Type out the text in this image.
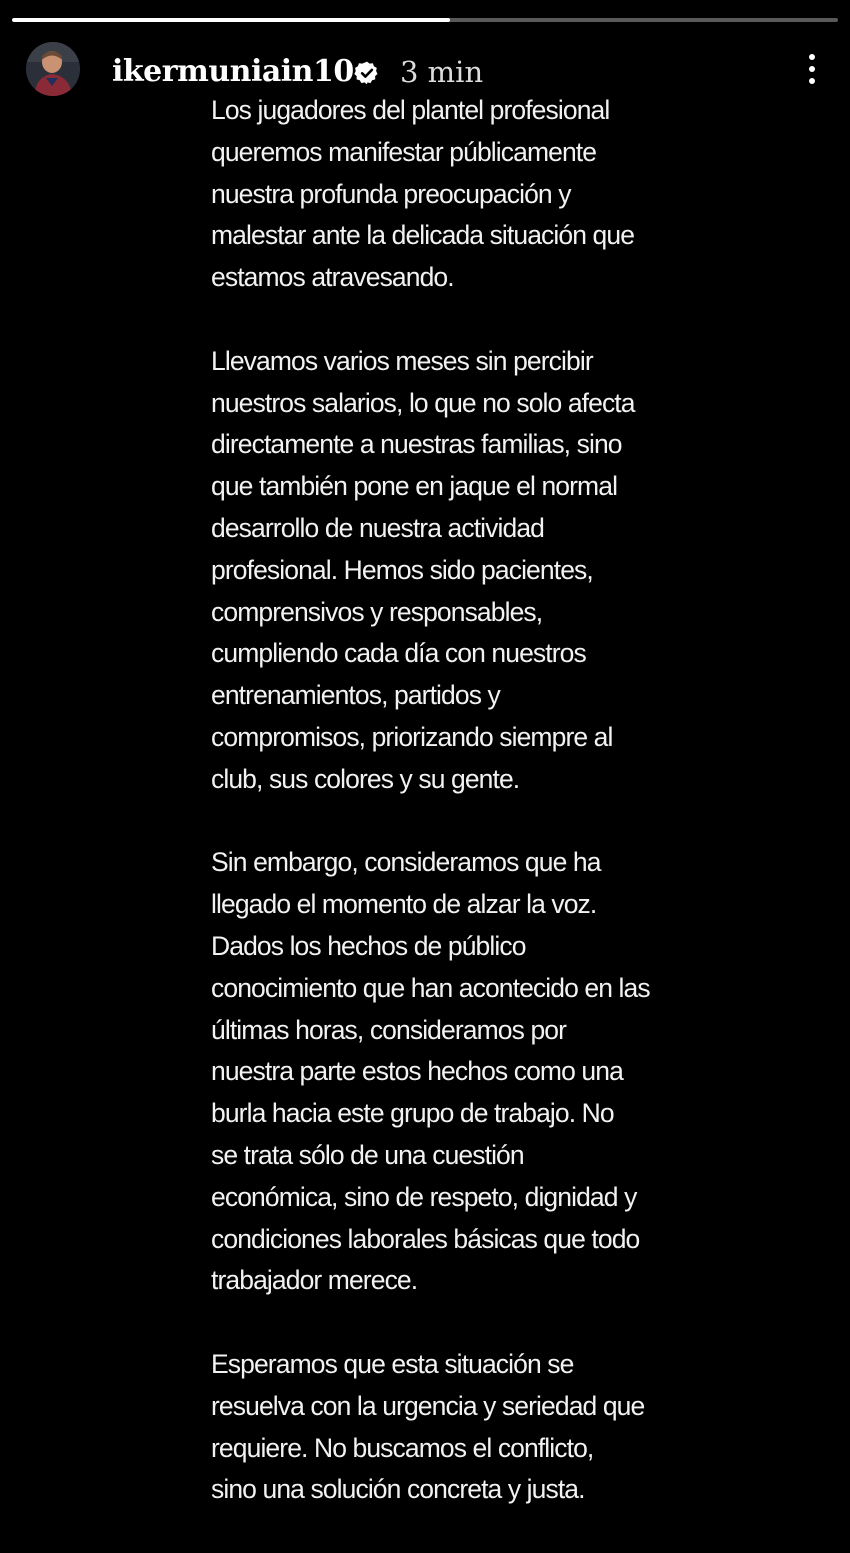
ikermuniain10 3 min

Los jugadores del plantel profesional
queremos manifestar públicamente
nuestra profunda preocupación y
malestar ante la delicada situación que
estamos atravesando.

Llevamos varios meses sin percibir
nuestros salarios, lo que no solo afecta
directamente a nuestras familias, sino
que también pone en jaque el normal
desarrollo de nuestra actividad
profesional. Hemos sido pacientes,
comprensivos y responsables,
cumpliendo cada día con nuestros
entrenamientos, partidos y
compromisos, priorizando siempre al
club, sus colores y su gente.

Sin embargo, consideramos que ha
llegado el momento de alzar la voz.
Dados los hechos de público
conocimiento que han acontecido en las
últimas horas, consideramos por
nuestra parte estos hechos como una
burla hacia este grupo de trabajo. No
se trata sólo de una cuestión
económica, sino de respeto, dignidad y
condiciones laborales básicas que todo
trabajador merece.

Esperamos que esta situación se
resuelva con la urgencia y seriedad que
requiere. No buscamos el conflicto,
sino una solución concreta y justa.
